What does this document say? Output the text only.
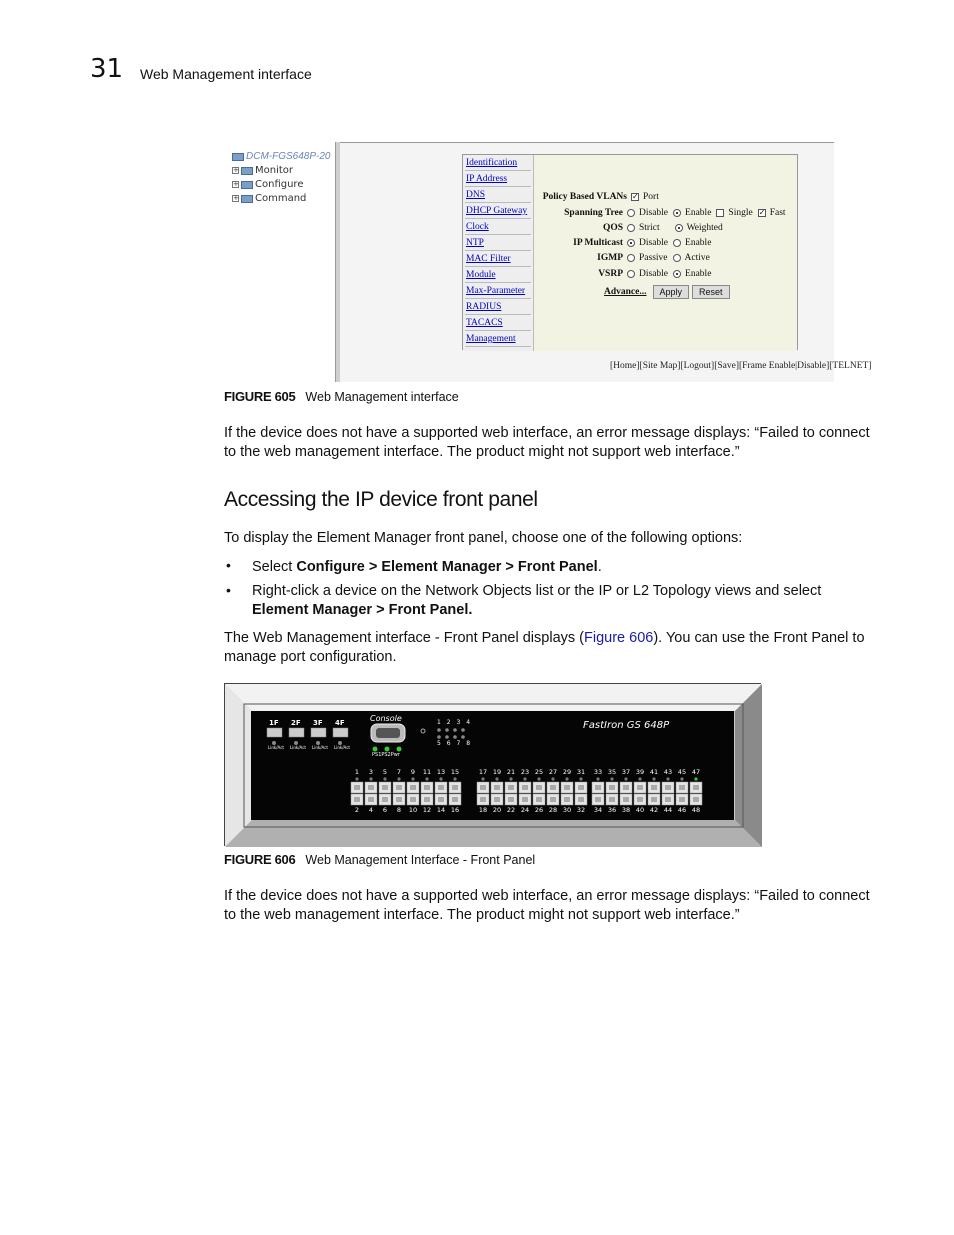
31 Web Management interface
DCM-FGS648P-20
+ Monitor
+ Configure
+ Command
Identification
IP Address
DNS
DHCP Gateway
Clock
NTP
MAC Filter
Module
Max-Parameter
RADIUS
TACACS
Management
Policy Based VLANs ✓ Port
Spanning Tree	Disable Enable Single ✓ Fast
QOS	Strict	Weighted
IP Multicast	Disable Enable
IGMP	Passive Active
VSRP	Disable Enable
Advance...	Apply	Reset
[Home][Site Map][Logout][Save][Frame Enable|Disable][TELNET]
FIGURE 605 Web Management interface
If the device does not have a supported web interface, an error message displays: “Failed to connect to the web management interface. The product might not support web interface.”
Accessing the IP device front panel
To display the Element Manager front panel, choose one of the following options:
• Select Configure > Element Manager > Front Panel.
• Right-click a device on the Network Objects list or the IP or L2 Topology views and select Element Manager > Front Panel.
The Web Management interface - Front Panel displays (Figure 606). You can use the Front Panel to manage port configuration.
1F 2F 3F 4F
Link/Act Link/Act Link/Act Link/Act
Console
PS1PS2Pwr
1 2 3 4
5 6 7 8
FastIron GS 648P
1
2
3
4
5
6
7
8
9
10
11
12
13
14
15
16
17
18
19
20
21
22
23
24
25
26
27
28
29
30
31
32
33
34
35
36
37
38
39
40
41
42
43
44
45
46
47
48
FIGURE 606 Web Management Interface - Front Panel
If the device does not have a supported web interface, an error message displays: “Failed to connect to the web management interface. The product might not support web interface.”
